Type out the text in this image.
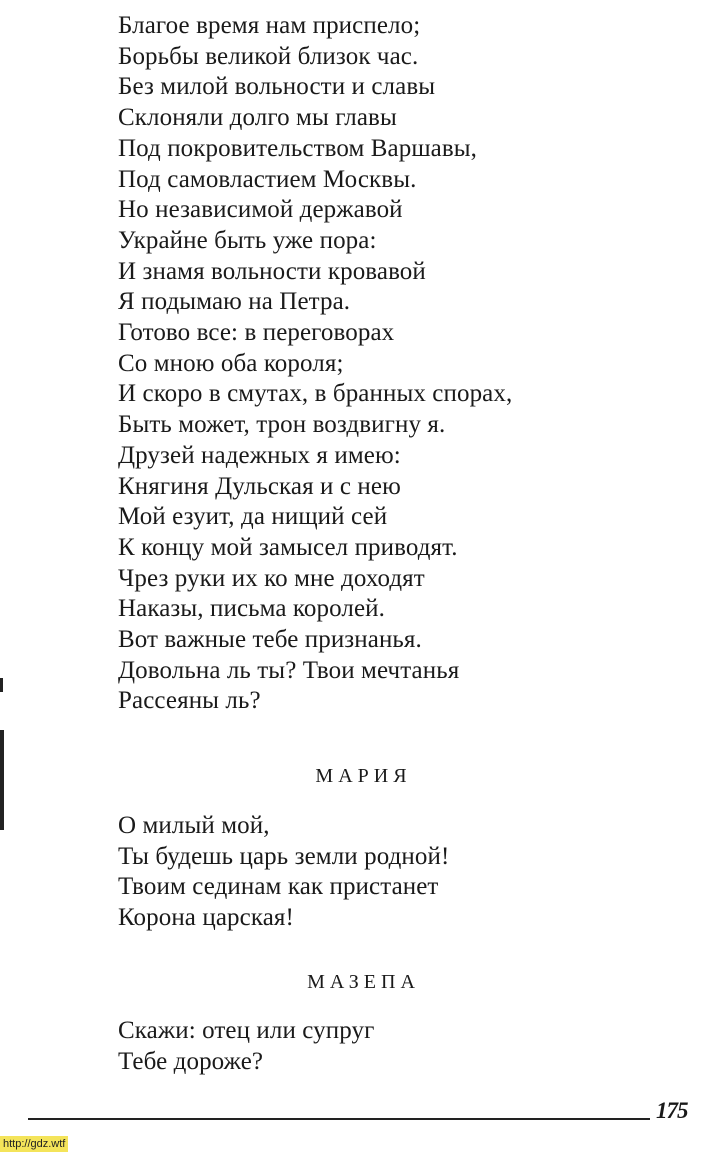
Благое время нам приспело;
Борьбы великой близок час.
Без милой вольности и славы
Склоняли долго мы главы
Под покровительством Варшавы,
Под самовластием Москвы.
Но независимой державой
Украйне быть уже пора:
И знамя вольности кровавой
Я подымаю на Петра.
Готово все: в переговорах
Со мною оба короля;
И скоро в смутах, в бранных спорах,
Быть может, трон воздвигну я.
Друзей надежных я имею:
Княгиня Дульская и с нею
Мой езуит, да нищий сей
К концу мой замысел приводят.
Чрез руки их ко мне доходят
Наказы, письма королей.
Вот важные тебе признанья.
Довольна ль ты? Твои мечтанья
Рассеяны ль?
МАРИЯ
О милый мой,
Ты будешь царь земли родной!
Твоим сединам как пристанет
Корона царская!
МАЗЕПА
Скажи: отец или супруг
Тебе дороже?
175
http://gdz.wtf
